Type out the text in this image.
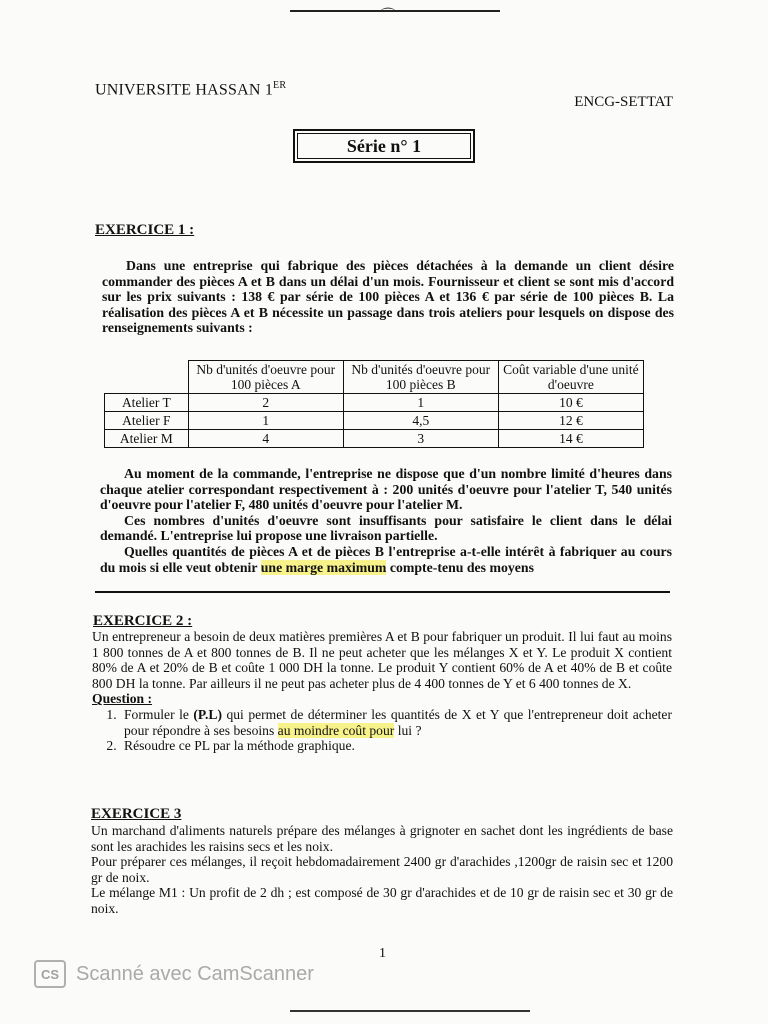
⌒
UNIVERSITE HASSAN 1ER
ENCG-SETTAT
Série n° 1
EXERCICE 1 :

Dans une entreprise qui fabrique des pièces détachées à la demande un client désire commander des pièces A et B dans un délai d'un mois. Fournisseur et client se sont mis d'accord sur les prix suivants : 138 € par série de 100 pièces A et 136 € par série de 100 pièces B. La réalisation des pièces A et B nécessite un passage dans trois ateliers pour lesquels on dispose des renseignements suivants :

	Nb d'unités d'oeuvre pour 100 pièces A	Nb d'unités d'oeuvre pour 100 pièces B	Coût variable d'une unité d'oeuvre
Atelier T	2	1	10 €
Atelier F	1	4,5	12 €
Atelier M	4	3	14 €

Au moment de la commande, l'entreprise ne dispose que d'un nombre limité d'heures dans chaque atelier correspondant respectivement à : 200 unités d'oeuvre pour l'atelier T, 540 unités d'oeuvre pour l'atelier F, 480 unités d'oeuvre pour l'atelier M.

Ces nombres d'unités d'oeuvre sont insuffisants pour satisfaire le client dans le délai demandé. L'entreprise lui propose une livraison partielle.

Quelles quantités de pièces A et de pièces B l'entreprise a-t-elle intérêt à fabriquer au cours du mois si elle veut obtenir une marge maximum compte-tenu des moyens

EXERCICE 2 :

Un entrepreneur a besoin de deux matières premières A et B pour fabriquer un produit. Il lui faut au moins 1 800 tonnes de A et 800 tonnes de B. Il ne peut acheter que les mélanges X et Y. Le produit X contient 80% de A et 20% de B et coûte 1 000 DH la tonne. Le produit Y contient 60% de A et 40% de B et coûte 800 DH la tonne. Par ailleurs il ne peut pas acheter plus de 4 400 tonnes de Y et 6 400 tonnes de X.

Question :

1. Formuler le (P.L) qui permet de déterminer les quantités de X et Y que l'entrepreneur doit acheter pour répondre à ses besoins au moindre coût pour lui ?
2. Résoudre ce PL par la méthode graphique.
EXERCICE 3

Un marchand d'aliments naturels prépare des mélanges à grignoter en sachet dont les ingrédients de base sont les arachides les raisins secs et les noix.

Pour préparer ces mélanges, il reçoit hebdomadairement 2400 gr d'arachides ,1200gr de raisin sec et 1200 gr de noix.

Le mélange M1 : Un profit de 2 dh ; est composé de 30 gr d'arachides et de 10 gr de raisin sec et 30 gr de noix.

1
CS Scanné avec CamScanner
